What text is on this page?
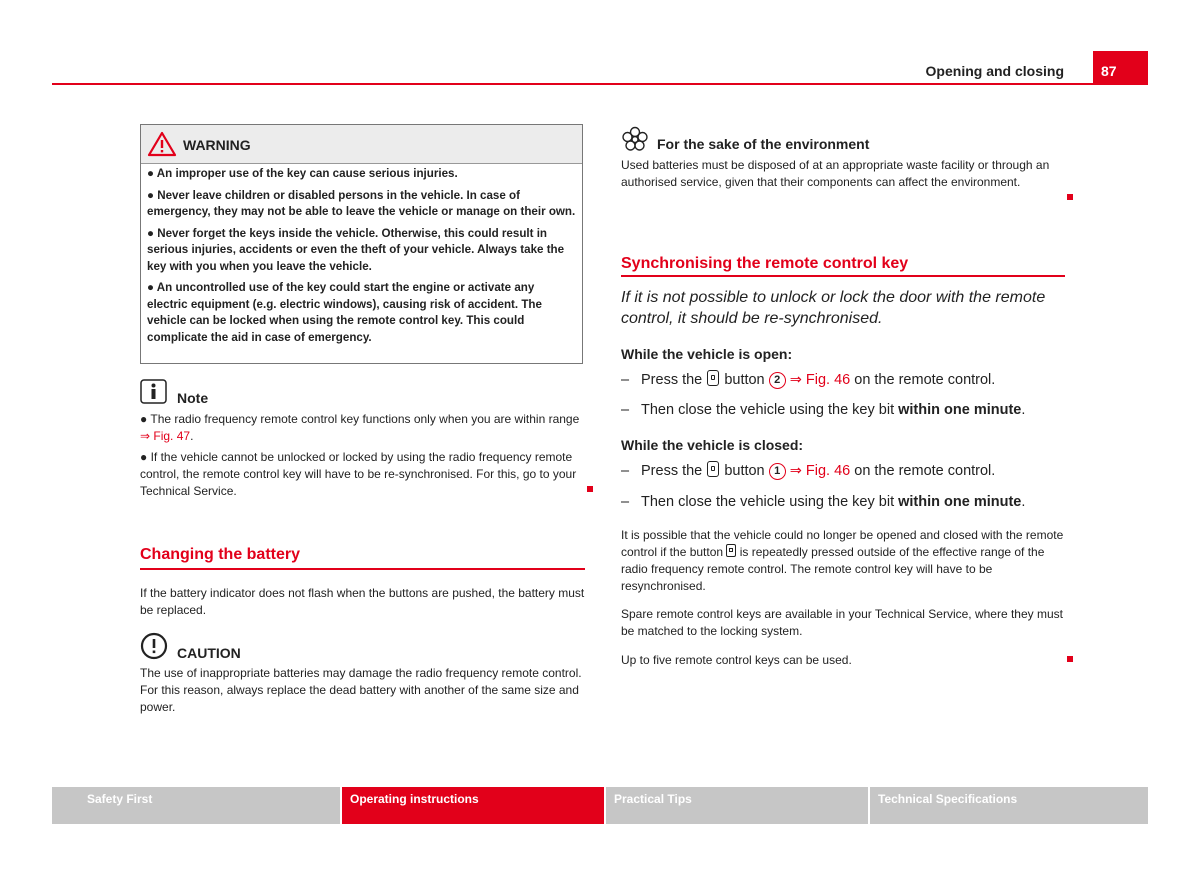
Opening and closing	87
WARNING

● An improper use of the key can cause serious injuries.

● Never leave children or disabled persons in the vehicle. In case of emergency, they may not be able to leave the vehicle or manage on their own.

● Never forget the keys inside the vehicle. Otherwise, this could result in serious injuries, accidents or even the theft of your vehicle. Always take the key with you when you leave the vehicle.

● An uncontrolled use of the key could start the engine or activate any electric equipment (e.g. electric windows), causing risk of accident. The vehicle can be locked when using the remote control key. This could complicate the aid in case of emergency.

Note

● The radio frequency remote control key functions only when you are within range ⇒ Fig. 47.

● If the vehicle cannot be unlocked or locked by using the radio frequency remote control, the remote control key will have to be re-synchronised. For this, go to your Technical Service.

Changing the battery

If the battery indicator does not flash when the buttons are pushed, the battery must be replaced.

CAUTION

The use of inappropriate batteries may damage the radio frequency remote control. For this reason, always replace the dead battery with another of the same size and power.

For the sake of the environment

Used batteries must be disposed of at an appropriate waste facility or through an authorised service, given that their components can affect the environment.

Synchronising the remote control key

If it is not possible to unlock or lock the door with the remote control, it should be re-synchronised.

While the vehicle is open:
– Press the button 2 ⇒ Fig. 46 on the remote control.
– Then close the vehicle using the key bit within one minute.
While the vehicle is closed:
– Press the button 1 ⇒ Fig. 46 on the remote control.
– Then close the vehicle using the key bit within one minute.

It is possible that the vehicle could no longer be opened and closed with the remote control if the button is repeatedly pressed outside of the effective range of the radio frequency remote control. The remote control key will have to be resynchronised.

Spare remote control keys are available in your Technical Service, where they must be matched to the locking system.

Up to five remote control keys can be used.

Safety First	Operating instructions	Practical Tips	Technical Specifications
